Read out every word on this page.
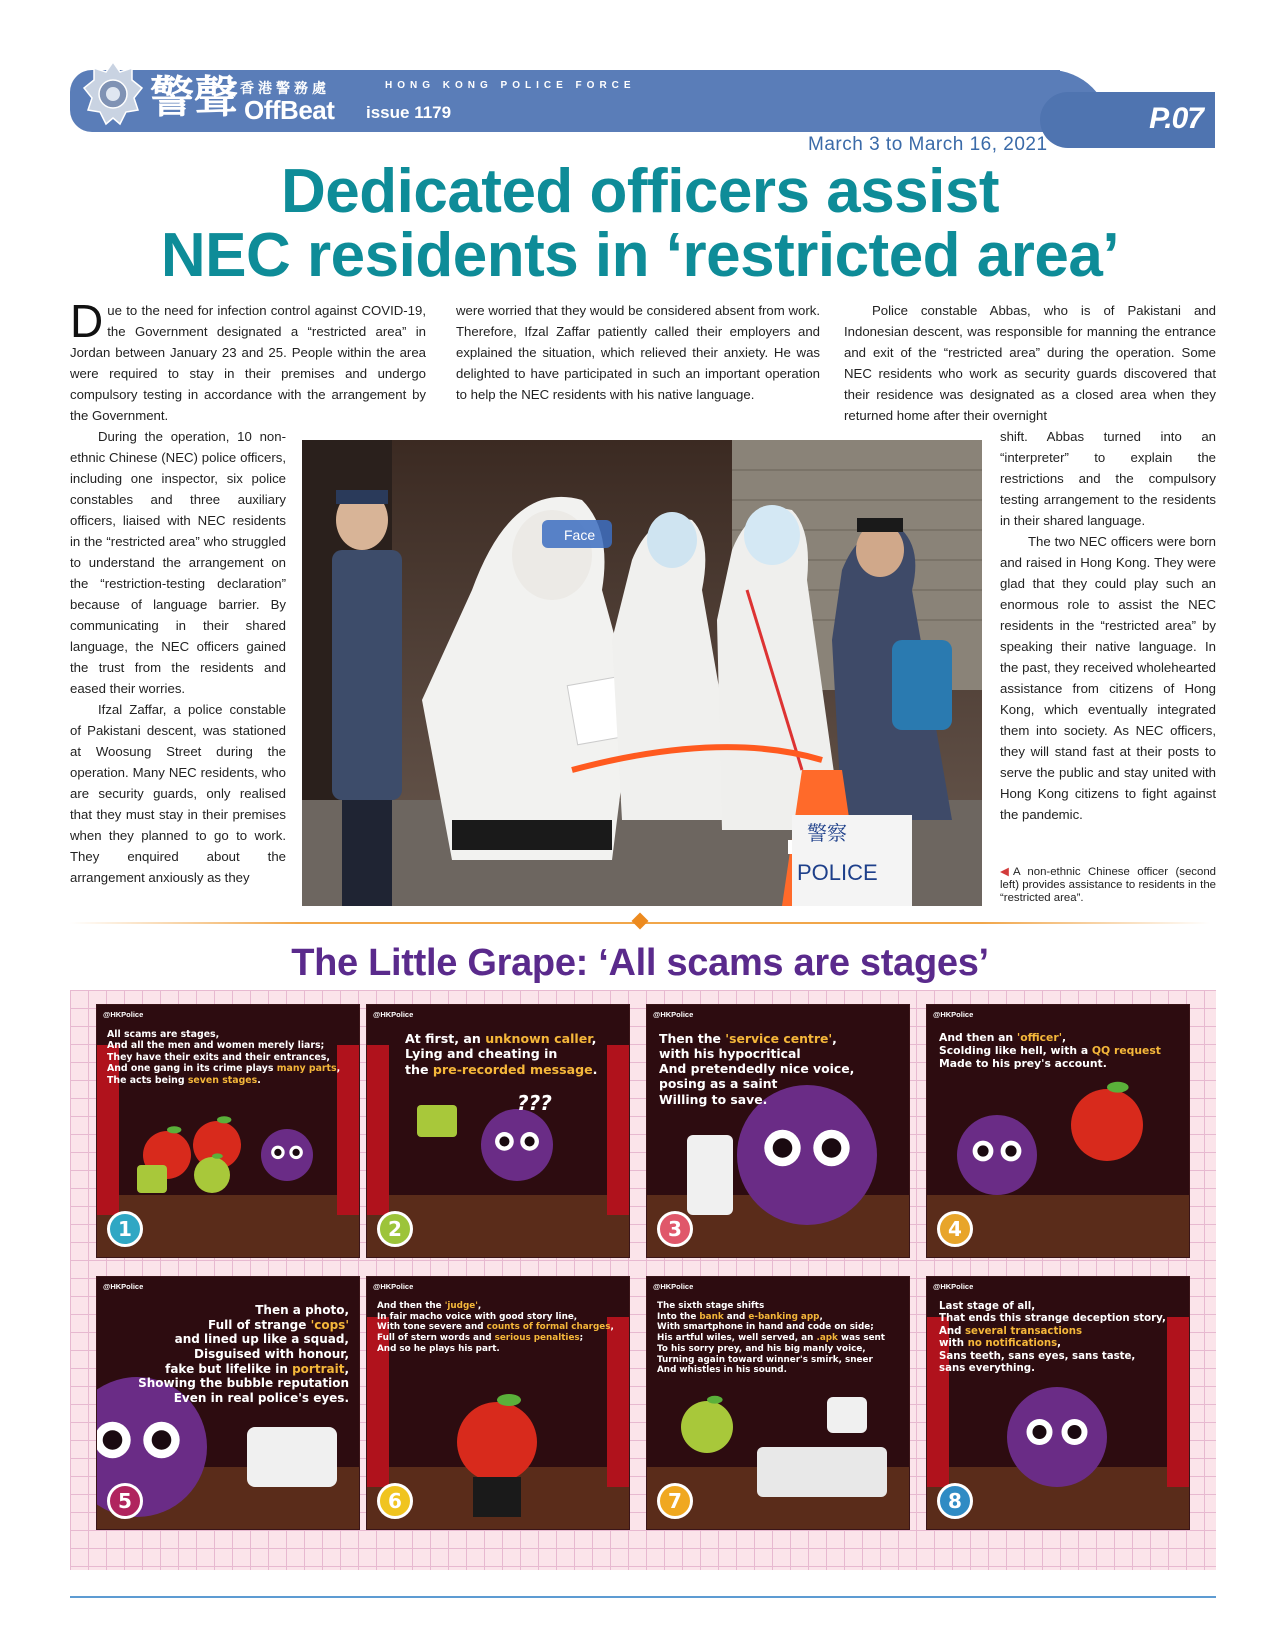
P.07
警聲 香港警務處	HONG KONG POLICE FORCE
OffBeat issue 1179
March 3 to March 16, 2021
Dedicated officers assist
NEC residents in ‘restricted area’

Due to the need for infection control against COVID-19, the Government designated a “restricted area” in Jordan between January 23 and 25. People within the area were required to stay in their premises and undergo compulsory testing in accordance with the arrangement by the Government.

During the operation, 10 non-ethnic Chinese (NEC) police officers, including one inspector, six police constables and three auxiliary officers, liaised with NEC residents in the “restricted area” who struggled to understand the arrangement on the “restriction-testing declaration” because of language barrier. By communicating in their shared language, the NEC officers gained the trust from the residents and eased their worries.

Ifzal Zaffar, a police constable of Pakistani descent, was stationed at Woosung Street during the operation. Many NEC residents, who are security guards, only realised that they must stay in their premises when they planned to go to work. They enquired about the arrangement anxiously as they

were worried that they would be considered absent from work. Therefore, Ifzal Zaffar patiently called their employers and explained the situation, which relieved their anxiety. He was delighted to have participated in such an important operation to help the NEC residents with his native language.

Police constable Abbas, who is of Pakistani and Indonesian descent, was responsible for manning the entrance and exit of the “restricted area” during the operation. Some NEC residents who work as security guards discovered that their residence was designated as a closed area when they returned home after their overnight

shift. Abbas turned into an “interpreter” to explain the restrictions and the compulsory testing arrangement to the residents in their shared language.

The two NEC officers were born and raised in Hong Kong. They were glad that they could play such an enormous role to assist the NEC residents in the “restricted area” by speaking their native language. In the past, they received wholehearted assistance from citizens of Hong Kong, which eventually integrated them into society. As NEC officers, they will stand fast at their posts to serve the public and stay united with Hong Kong citizens to fight against the pandemic.

◀A non-ethnic Chinese officer (second left) provides assistance to residents in the “restricted area”.
Face
警察
POLICE
The Little Grape: ‘All scams are stages’
@HKPolice
All scams are stages,
And all the men and women merely liars;
They have their exits and their entrances,
And one gang in its crime plays many parts,
The acts being seven stages.
1
@HKPolice
At first, an unknown caller,
Lying and cheating in
the pre-recorded message.
???
2
@HKPolice
Then the 'service centre',
with his hypocritical
And pretendedly nice voice,
posing as a saint
Willing to save.
3
@HKPolice
And then an 'officer',
Scolding like hell, with a QQ request
Made to his prey's account.
4
@HKPolice
Then a photo,
Full of strange 'cops'
and lined up like a squad,
Disguised with honour,
fake but lifelike in portrait,
Showing the bubble reputation
Even in real police's eyes.
5
@HKPolice
And then the 'judge',
In fair macho voice with good story line,
With tone severe and counts of formal charges,
Full of stern words and serious penalties;
And so he plays his part.
6
@HKPolice
The sixth stage shifts
Into the bank and e-banking app,
With smartphone in hand and code on side;
His artful wiles, well served, an .apk was sent
To his sorry prey, and his big manly voice,
Turning again toward winner's smirk, sneer
And whistles in his sound.
7
@HKPolice
Last stage of all,
That ends this strange deception story,
And several transactions
with no notifications,
Sans teeth, sans eyes, sans taste,
sans everything.
8
